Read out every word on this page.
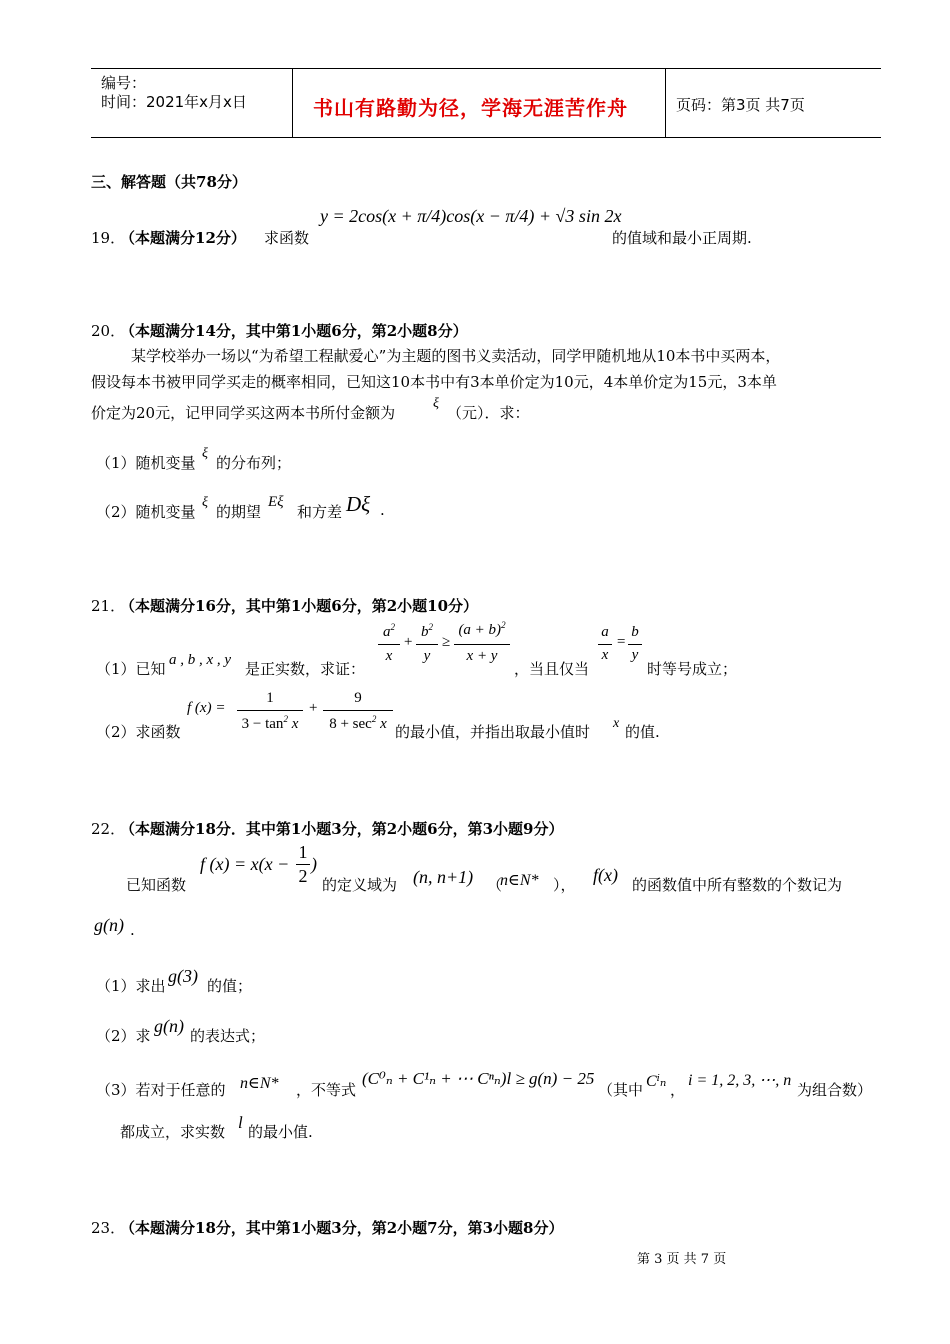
编号：
时间：2021年x月x日	书山有路勤为径，学海无涯苦作舟	页码：第3页 共7页
三、解答题（共78分）
19．
（本题满分12分） 求函数
y = 2cos(x + π/4)cos(x − π/4) + √3 sin 2x
的值域和最小正周期.
20．
（本题满分14分，其中第1小题6分，第2小题8分）
某学校举办一场以“为希望工程献爱心”为主题的图书义卖活动，同学甲随机地从10本书中买两本，
假设每本书被甲同学买走的概率相同，已知这10本书中有3本单价定为10元，4本单价定为15元，3本单
价定为20元，记甲同学买这两本书所付金额为
ξ
（元）．求：
（1）随机变量
ξ
的分布列；
（2）随机变量
ξ
的期望
Eξ
和方差 Dξ .
21．
（本题满分16分，其中第1小题6分，第2小题10分）
（1）已知 a , b , x , y 是正实数，求证：
$a^2$
x
+
$b^2$
y
≥
$(a + b)^2$
x + y
，当且仅当
a
x
=
b
y
时等号成立；
（2）求函数
f (x) =
1
$3 - \tan^2 x$
+
9
$8 + \sec^2 x$ 的最小值，并指出取最小值时 x 的值.
22．
（本题满分18分．其中第1小题3分，第2小题6分，第3小题9分）
已知函数
f (x) = x(x −
1
2
)
的定义域为 (n, n+1) （
n∈N* ）， f(x) 的函数值中所有整数的个数记为
g(n) .
（1）求出 g(3) 的值；
（2）求 g(n) 的表达式；
（3）若对于任意的 n∈N* ，不等式
(C⁰ₙ + C¹ₙ + ⋯ Cⁿₙ)l ≥ g(n) − 25
（其中 Cⁱₙ ，
i = 1, 2, 3, ⋯, n
为组合数）
都成立，求实数 l 的最小值.
23．
（本题满分18分，其中第1小题3分，第2小题7分，第3小题8分）
第 3 页 共 7 页
